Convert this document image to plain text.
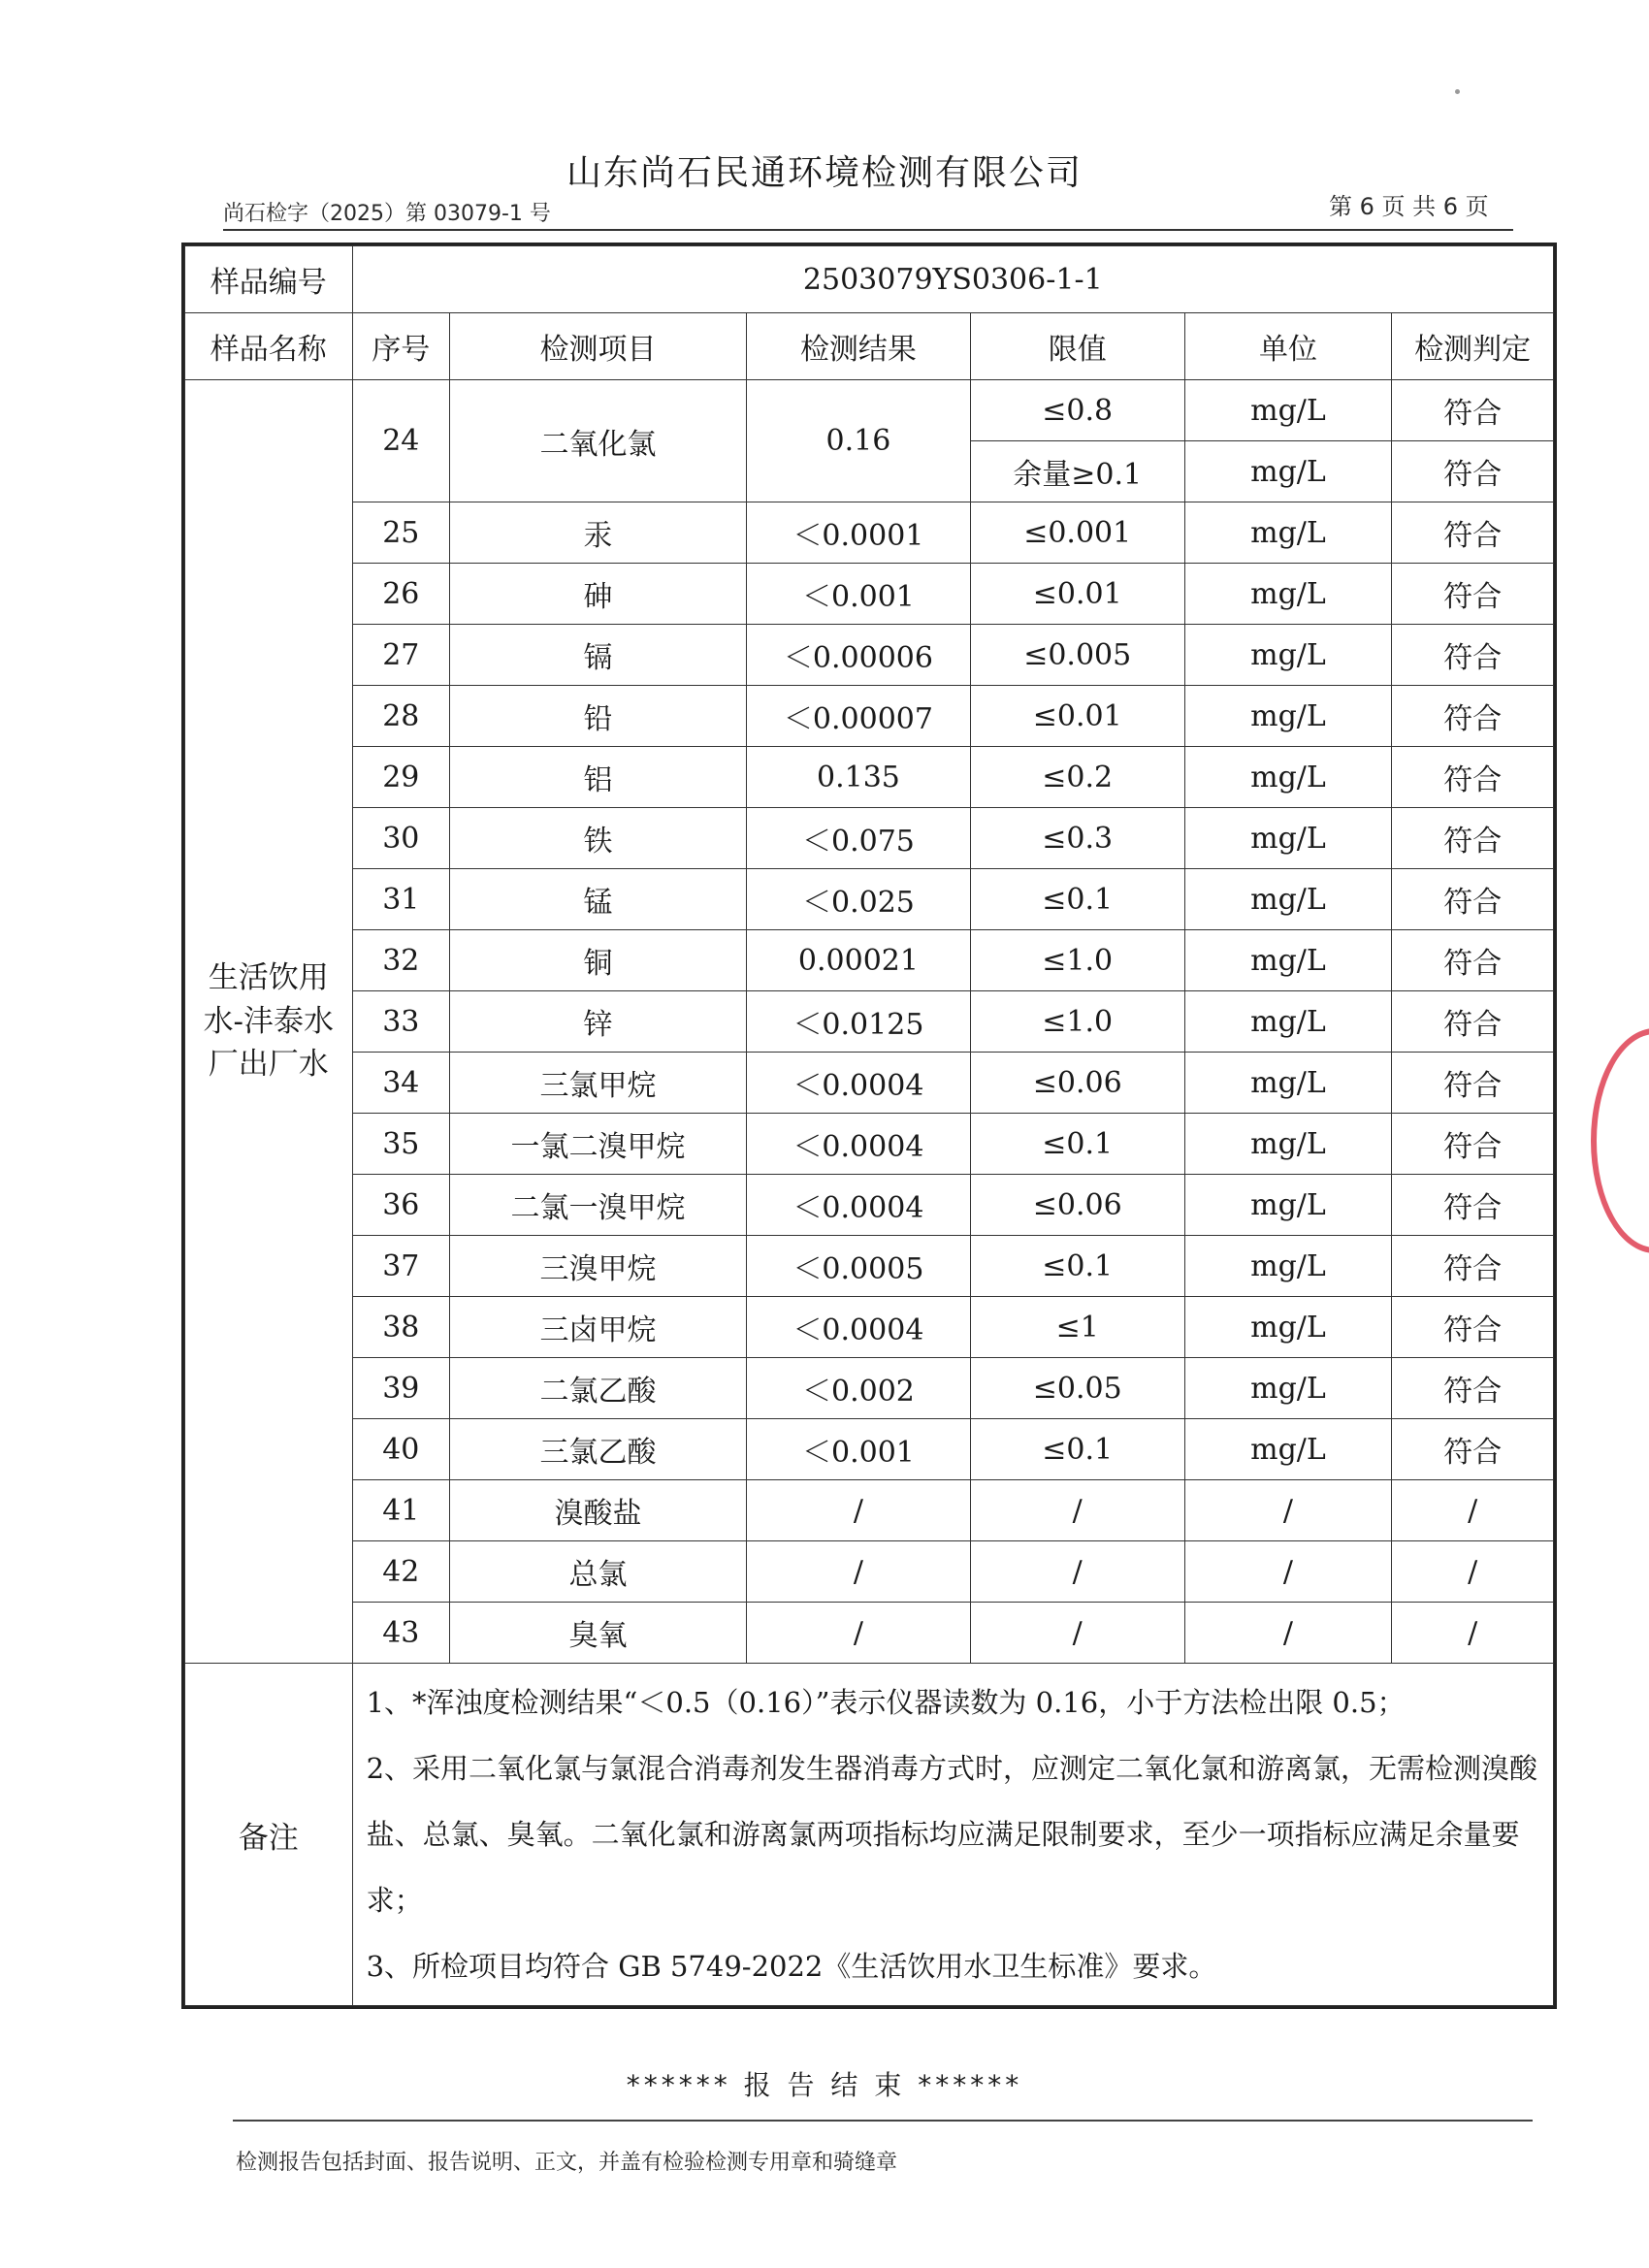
山东尚石民通环境检测有限公司
尚石检字（2025）第 03079-1 号	第 6 页 共 6 页
样品编号	2503079YS0306-1-1					
样品名称	序号	检测项目	检测结果	限值	单位	检测判定
生活饮用水-沣泰水厂出厂水	24	二氧化氯	0.16	≤0.8	mg/L	符合
				余量≥0.1	mg/L	符合
	25	汞	＜0.0001	≤0.001	mg/L	符合
	26	砷	＜0.001	≤0.01	mg/L	符合
	27	镉	＜0.00006	≤0.005	mg/L	符合
	28	铅	＜0.00007	≤0.01	mg/L	符合
	29	铝	0.135	≤0.2	mg/L	符合
	30	铁	＜0.075	≤0.3	mg/L	符合
	31	锰	＜0.025	≤0.1	mg/L	符合
	32	铜	0.00021	≤1.0	mg/L	符合
	33	锌	＜0.0125	≤1.0	mg/L	符合
	34	三氯甲烷	＜0.0004	≤0.06	mg/L	符合
	35	一氯二溴甲烷	＜0.0004	≤0.1	mg/L	符合
	36	二氯一溴甲烷	＜0.0004	≤0.06	mg/L	符合
	37	三溴甲烷	＜0.0005	≤0.1	mg/L	符合
	38	三卤甲烷	＜0.0004	≤1	mg/L	符合
	39	二氯乙酸	＜0.002	≤0.05	mg/L	符合
	40	三氯乙酸	＜0.001	≤0.1	mg/L	符合
	41	溴酸盐	/	/	/	/
	42	总氯	/	/	/	/
	43	臭氧	/	/	/	/
备注	1、*浑浊度检测结果“＜0.5（0.16）”表示仪器读数为 0.16，小于方法检出限 0.5；

2、采用二氧化氯与氯混合消毒剂发生器消毒方式时，应测定二氧化氯和游离氯，无需检测溴酸盐、总氯、臭氧。二氧化氯和游离氯两项指标均应满足限制要求，至少一项指标应满足余量要求；

3、所检项目均符合 GB 5749-2022《生活饮用水卫生标准》要求。					

****** 报 告 结 束 ******
检测报告包括封面、报告说明、正文，并盖有检验检测专用章和骑缝章
